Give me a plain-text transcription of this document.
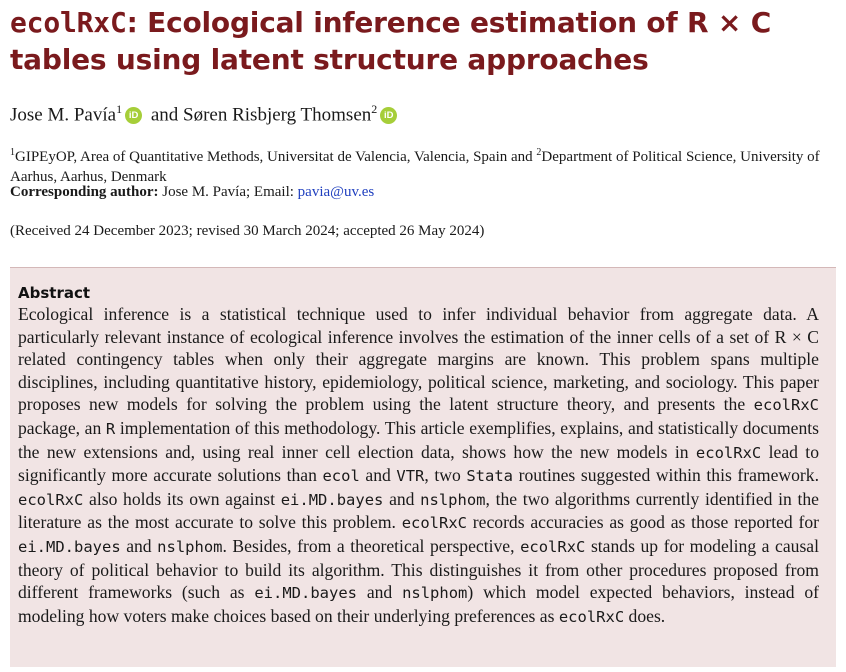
ecolRxC: Ecological inference estimation of R × C tables using latent structure approaches
Jose M. Pavía$^1$ iD and Søren Risbjerg Thomsen$^2$ iD
$^1$GIPEyOP, Area of Quantitative Methods, Universitat de Valencia, Valencia, Spain and $^2$Department of Political Science, University of Aarhus, Aarhus, Denmark
Corresponding author: Jose M. Pavía; Email: pavia@uv.es
(Received 24 December 2023; revised 30 March 2024; accepted 26 May 2024)
Abstract

Ecological inference is a statistical technique used to infer individual behavior from aggregate data. A particularly relevant instance of ecological inference involves the estimation of the inner cells of a set of R × C related contingency tables when only their aggregate margins are known. This problem spans multiple disciplines, including quantitative history, epidemiology, political science, marketing, and sociology. This paper proposes new models for solving the problem using the latent structure theory, and presents the ecolRxC package, an R implementation of this methodology. This article exemplifies, explains, and statistically documents the new extensions and, using real inner cell election data, shows how the new models in ecolRxC lead to significantly more accurate solutions than ecol and VTR, two Stata routines suggested within this framework. ecolRxC also holds its own against ei.MD.bayes and nslphom, the two algorithms currently identified in the literature as the most accurate to solve this problem. ecolRxC records accuracies as good as those reported for ei.MD.bayes and nslphom. Besides, from a theoretical perspective, ecolRxC stands up for modeling a causal theory of political behavior to build its algorithm. This distinguishes it from other procedures proposed from different frameworks (such as ei.MD.bayes and nslphom) which model expected behaviors, instead of modeling how voters make choices based on their underlying preferences as ecolRxC does.
